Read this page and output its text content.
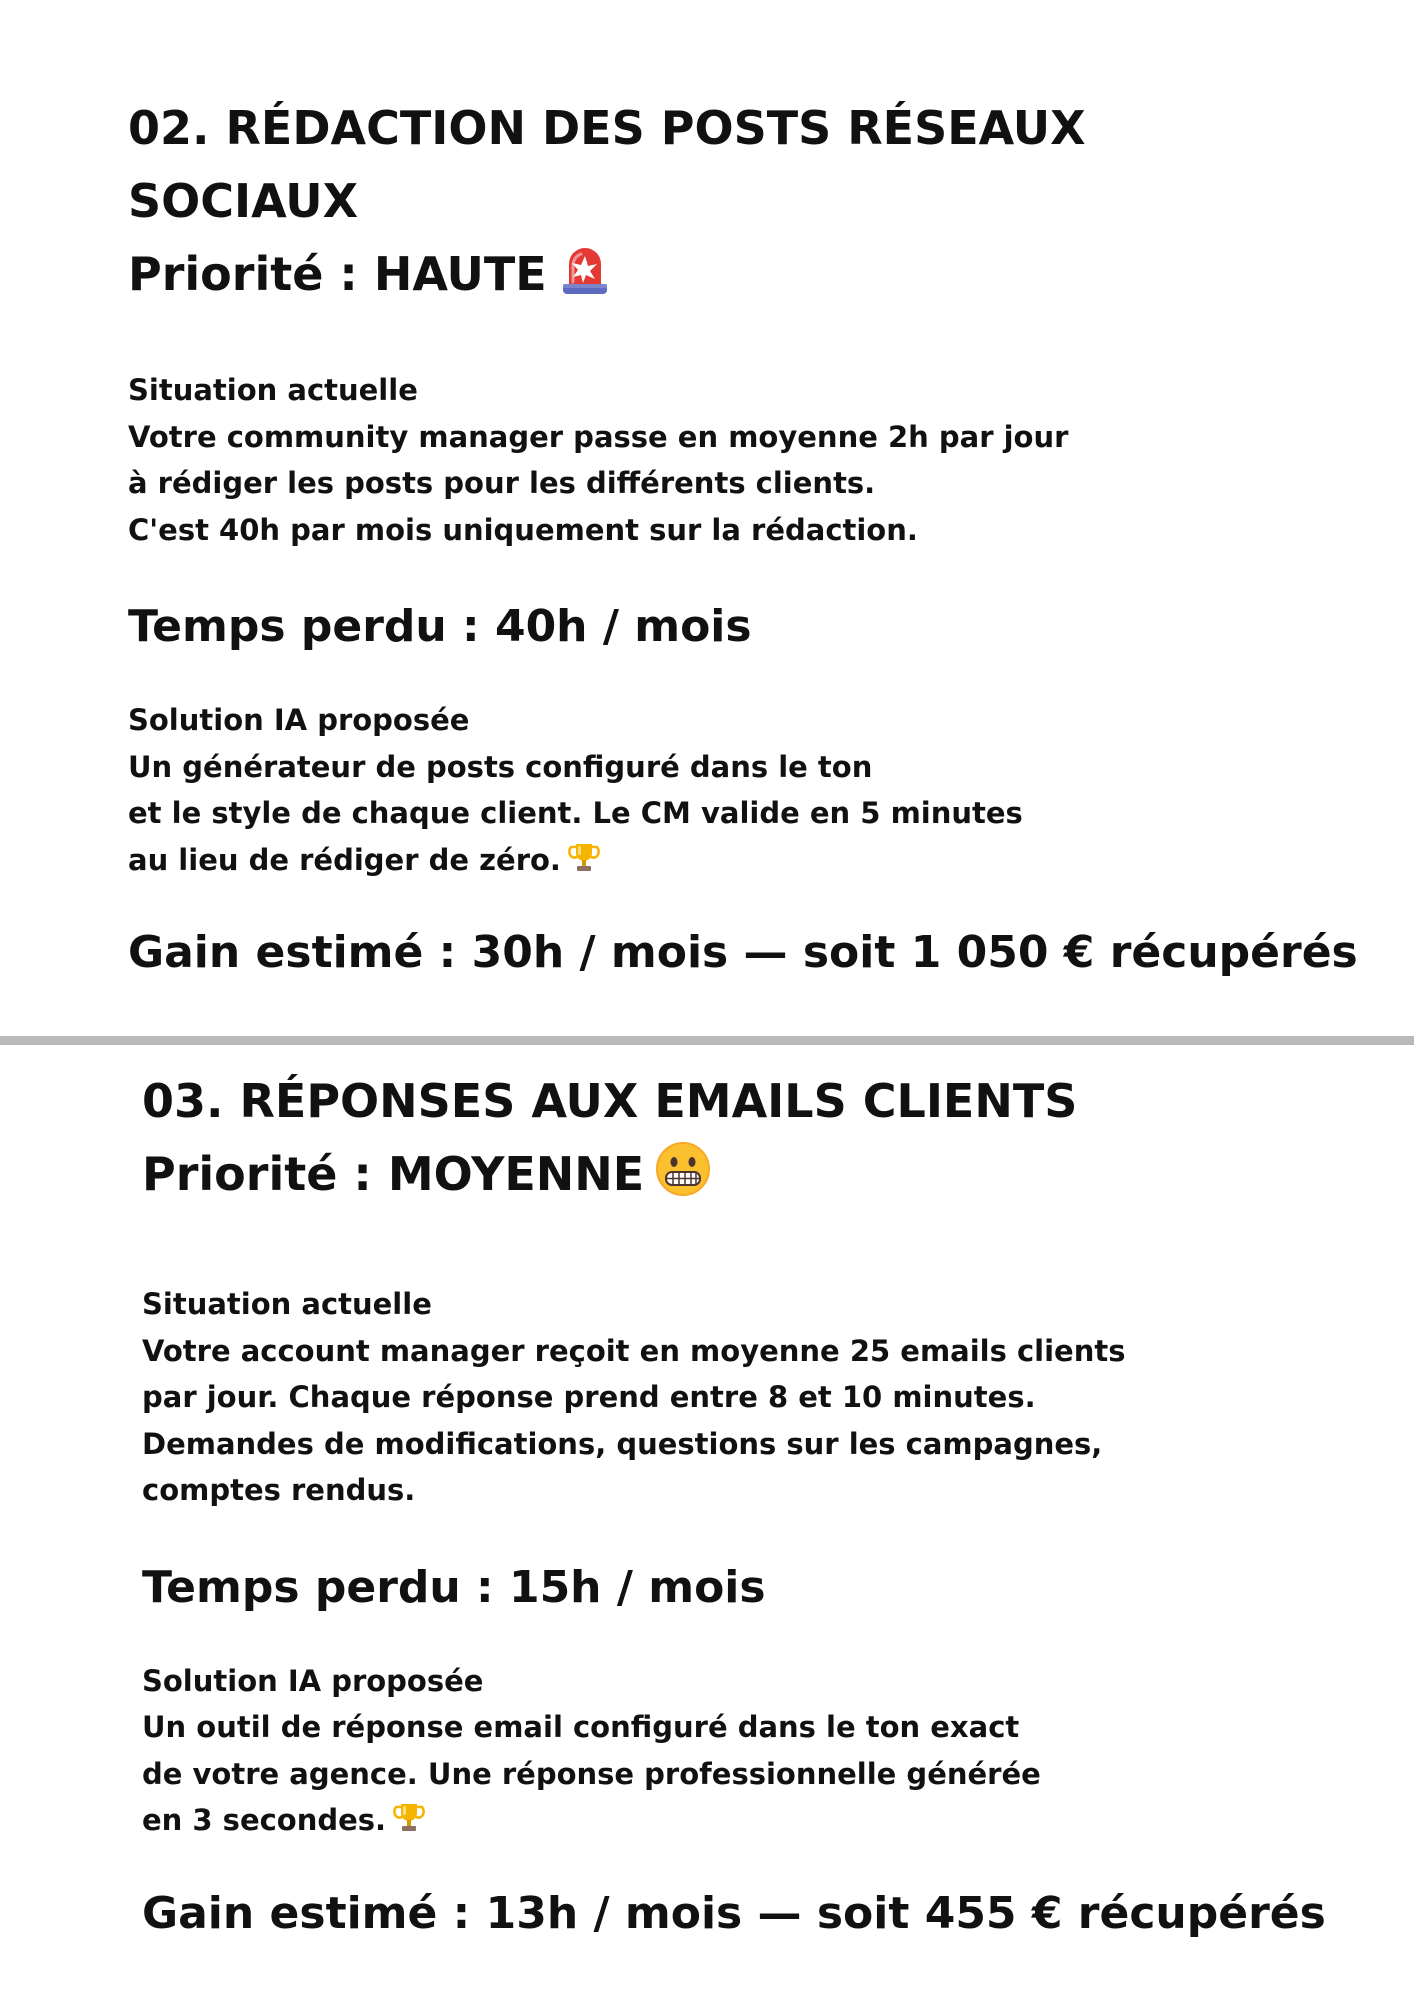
02. RÉDACTION DES POSTS RÉSEAUX
SOCIAUX

Priorité : HAUTE

Situation actuelle
Votre community manager passe en moyenne 2h par jour
à rédiger les posts pour les différents clients.
C'est 40h par mois uniquement sur la rédaction.

Temps perdu : 40h / mois

Solution IA proposée
Un générateur de posts configuré dans le ton
et le style de chaque client. Le CM valide en 5 minutes
au lieu de rédiger de zéro.

Gain estimé : 30h / mois — soit 1 050 € récupérés

03. RÉPONSES AUX EMAILS CLIENTS

Priorité : MOYENNE

Situation actuelle
Votre account manager reçoit en moyenne 25 emails clients
par jour. Chaque réponse prend entre 8 et 10 minutes.
Demandes de modifications, questions sur les campagnes,
comptes rendus.

Temps perdu : 15h / mois

Solution IA proposée
Un outil de réponse email configuré dans le ton exact
de votre agence. Une réponse professionnelle générée
en 3 secondes.

Gain estimé : 13h / mois — soit 455 € récupérés
